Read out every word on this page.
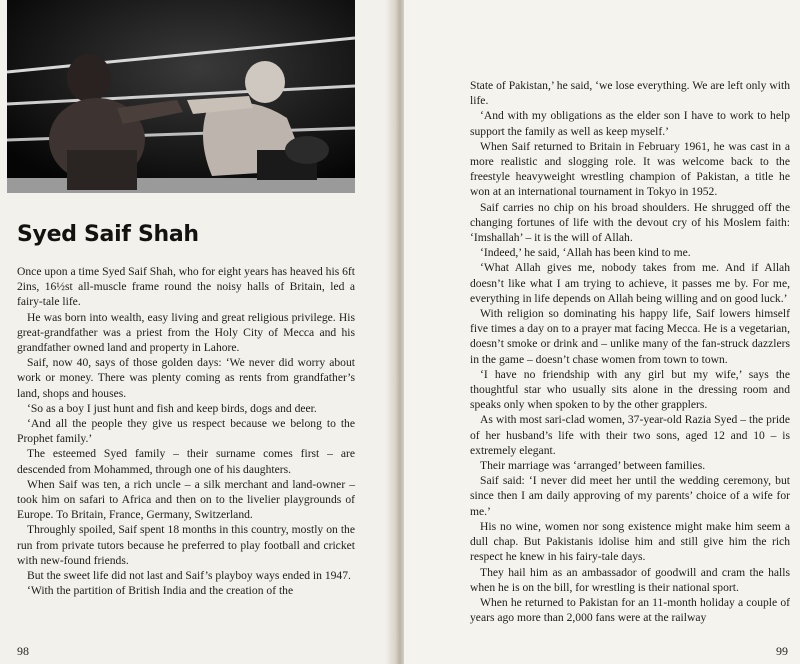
Syed Saif Shah

Once upon a time Syed Saif Shah, who for eight years has heaved his 6ft 2ins, 16½st all-muscle frame round the noisy halls of Britain, led a fairy-tale life.

He was born into wealth, easy living and great religious privilege. His great-grandfather was a priest from the Holy City of Mecca and his grandfather owned land and property in Lahore.

Saif, now 40, says of those golden days: ‘We never did worry about work or money. There was plenty coming as rents from grandfather’s land, shops and houses.

‘So as a boy I just hunt and fish and keep birds, dogs and deer.

‘And all the people they give us respect because we belong to the Prophet family.’

The esteemed Syed family – their surname comes first – are descended from Mohammed, through one of his daughters.

When Saif was ten, a rich uncle – a silk merchant and land-owner – took him on safari to Africa and then on to the livelier playgrounds of Europe. To Britain, France, Germany, Switzerland.

Throughly spoiled, Saif spent 18 months in this country, mostly on the run from private tutors because he preferred to play football and cricket with new-found friends.

But the sweet life did not last and Saif’s playboy ways ended in 1947.

‘With the partition of British India and the creation of the

98

State of Pakistan,’ he said, ‘we lose everything. We are left only with life.

‘And with my obligations as the elder son I have to work to help support the family as well as keep myself.’

When Saif returned to Britain in February 1961, he was cast in a more realistic and slogging role. It was welcome back to the freestyle heavyweight wrestling champion of Pakistan, a title he won at an international tournament in Tokyo in 1952.

Saif carries no chip on his broad shoulders. He shrugged off the changing fortunes of life with the devout cry of his Moslem faith: ‘Imshallah’ – it is the will of Allah.

‘Indeed,’ he said, ‘Allah has been kind to me.

‘What Allah gives me, nobody takes from me. And if Allah doesn’t like what I am trying to achieve, it passes me by. For me, everything in life depends on Allah being willing and on good luck.’

With religion so dominating his happy life, Saif lowers himself five times a day on to a prayer mat facing Mecca. He is a vegetarian, doesn’t smoke or drink and – unlike many of the fan-struck dazzlers in the game – doesn’t chase women from town to town.

‘I have no friendship with any girl but my wife,’ says the thoughtful star who usually sits alone in the dressing room and speaks only when spoken to by the other grapplers.

As with most sari-clad women, 37-year-old Razia Syed – the pride of her husband’s life with their two sons, aged 12 and 10 – is extremely elegant.

Their marriage was ‘arranged’ between families.

Saif said: ‘I never did meet her until the wedding ceremony, but since then I am daily approving of my parents’ choice of a wife for me.’

His no wine, women nor song existence might make him seem a dull chap. But Pakistanis idolise him and still give him the rich respect he knew in his fairy-tale days.

They hail him as an ambassador of goodwill and cram the halls when he is on the bill, for wrestling is their national sport.

When he returned to Pakistan for an 11-month holiday a couple of years ago more than 2,000 fans were at the railway

99
